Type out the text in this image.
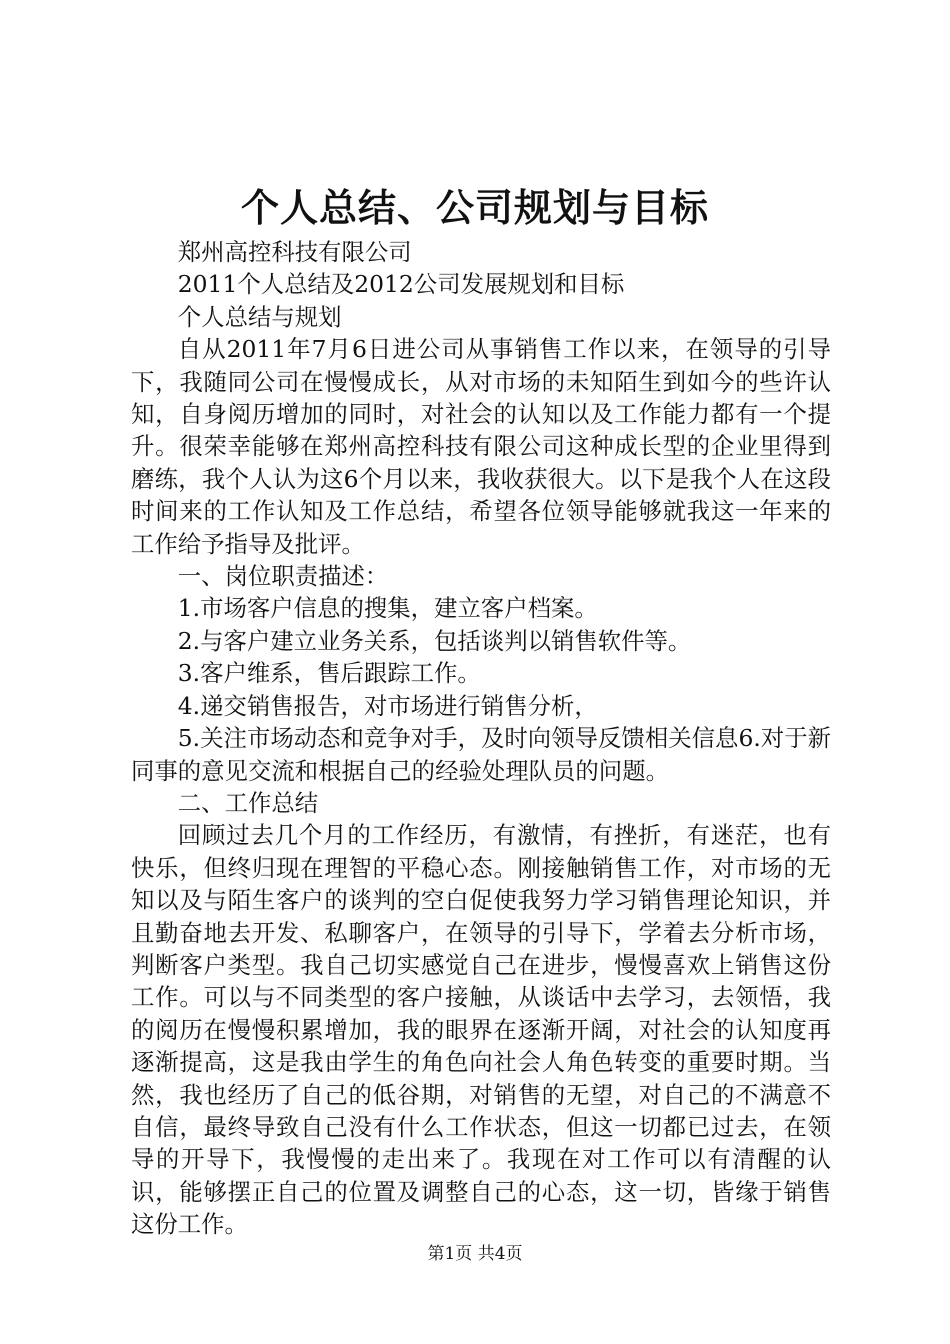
个人总结、公司规划与目标

郑州高控科技有限公司

2011个人总结及2012公司发展规划和目标

个人总结与规划

自从2011年7月6日进公司从事销售工作以来，在领导的引导下，我随同公司在慢慢成长，从对市场的未知陌生到如今的些许认知，自身阅历增加的同时，对社会的认知以及工作能力都有一个提升。很荣幸能够在郑州高控科技有限公司这种成长型的企业里得到磨练，我个人认为这6个月以来，我收获很大。以下是我个人在这段时间来的工作认知及工作总结，希望各位领导能够就我这一年来的工作给予指导及批评。

一、岗位职责描述：

1.市场客户信息的搜集，建立客户档案。

2.与客户建立业务关系，包括谈判以销售软件等。

3.客户维系，售后跟踪工作。

4.递交销售报告，对市场进行销售分析，

5.关注市场动态和竞争对手，及时向领导反馈相关信息6.对于新同事的意见交流和根据自己的经验处理队员的问题。

二、工作总结

回顾过去几个月的工作经历，有激情，有挫折，有迷茫，也有快乐，但终归现在理智的平稳心态。刚接触销售工作，对市场的无知以及与陌生客户的谈判的空白促使我努力学习销售理论知识，并且勤奋地去开发、私聊客户，在领导的引导下，学着去分析市场，判断客户类型。我自己切实感觉自己在进步，慢慢喜欢上销售这份工作。可以与不同类型的客户接触，从谈话中去学习，去领悟，我的阅历在慢慢积累增加，我的眼界在逐渐开阔，对社会的认知度再逐渐提高，这是我由学生的角色向社会人角色转变的重要时期。当然，我也经历了自己的低谷期，对销售的无望，对自己的不满意不自信，最终导致自己没有什么工作状态，但这一切都已过去，在领导的开导下，我慢慢的走出来了。我现在对工作可以有清醒的认识，能够摆正自己的位置及调整自己的心态，这一切，皆缘于销售这份工作。

第1页 共4页
